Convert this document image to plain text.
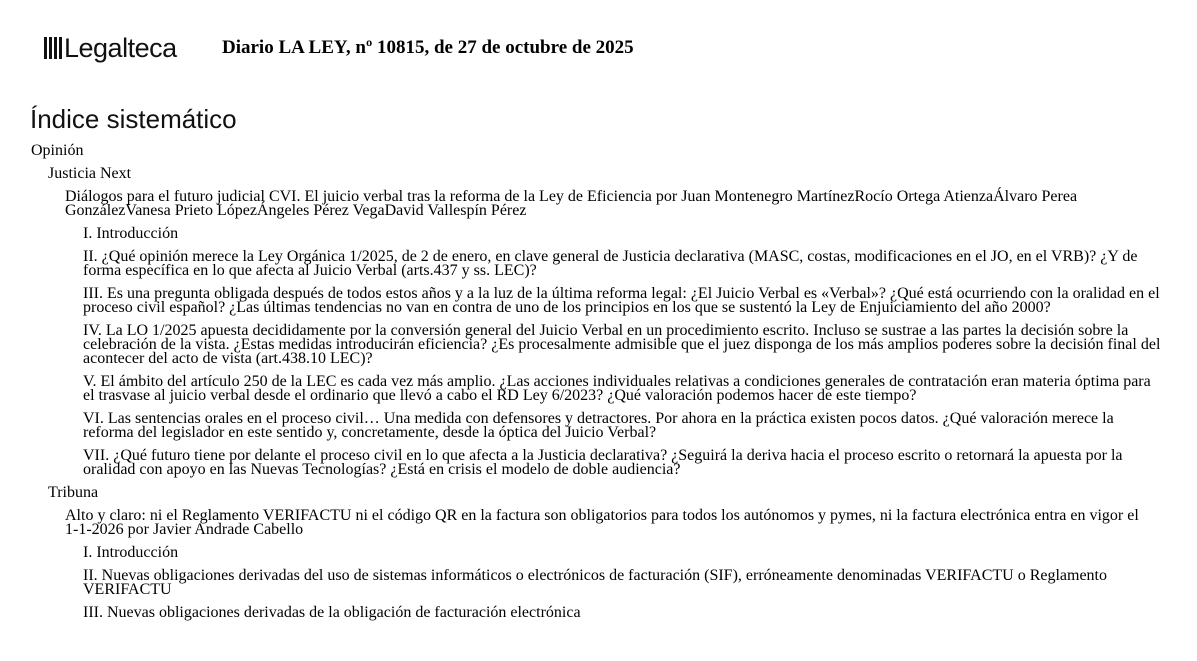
Legalteca Diario LA LEY, nº 10815, de 27 de octubre de 2025
Índice sistemático
Opinión
Justicia Next
Diálogos para el futuro judicial CVI. El juicio verbal tras la reforma de la Ley de Eficiencia por Juan Montenegro MartínezRocío Ortega AtienzaÁlvaro Perea GonzálezVanesa Prieto LópezÁngeles Pérez VegaDavid Vallespín Pérez
I. Introducción
II. ¿Qué opinión merece la Ley Orgánica 1/2025, de 2 de enero, en clave general de Justicia declarativa (MASC, costas, modificaciones en el JO, en el VRB)? ¿Y de forma específica en lo que afecta al Juicio Verbal (arts.437 y ss. LEC)?
III. Es una pregunta obligada después de todos estos años y a la luz de la última reforma legal: ¿El Juicio Verbal es «Verbal»? ¿Qué está ocurriendo con la oralidad en el proceso civil español? ¿Las últimas tendencias no van en contra de uno de los principios en los que se sustentó la Ley de Enjuiciamiento del año 2000?
IV. La LO 1/2025 apuesta decididamente por la conversión general del Juicio Verbal en un procedimiento escrito. Incluso se sustrae a las partes la decisión sobre la celebración de la vista. ¿Estas medidas introducirán eficiencia? ¿Es procesalmente admisible que el juez disponga de los más amplios poderes sobre la decisión final del acontecer del acto de vista (art.438.10 LEC)?
V. El ámbito del artículo 250 de la LEC es cada vez más amplio. ¿Las acciones individuales relativas a condiciones generales de contratación eran materia óptima para el trasvase al juicio verbal desde el ordinario que llevó a cabo el RD Ley 6/2023? ¿Qué valoración podemos hacer de este tiempo?
VI. Las sentencias orales en el proceso civil… Una medida con defensores y detractores. Por ahora en la práctica existen pocos datos. ¿Qué valoración merece la reforma del legislador en este sentido y, concretamente, desde la óptica del Juicio Verbal?
VII. ¿Qué futuro tiene por delante el proceso civil en lo que afecta a la Justicia declarativa? ¿Seguirá la deriva hacia el proceso escrito o retornará la apuesta por la oralidad con apoyo en las Nuevas Tecnologías? ¿Está en crisis el modelo de doble audiencia?
Tribuna
Alto y claro: ni el Reglamento VERIFACTU ni el código QR en la factura son obligatorios para todos los autónomos y pymes, ni la factura electrónica entra en vigor el 1-1-2026 por Javier Andrade Cabello
I. Introducción
II. Nuevas obligaciones derivadas del uso de sistemas informáticos o electrónicos de facturación (SIF), erróneamente denominadas VERIFACTU o Reglamento VERIFACTU
III. Nuevas obligaciones derivadas de la obligación de facturación electrónica
